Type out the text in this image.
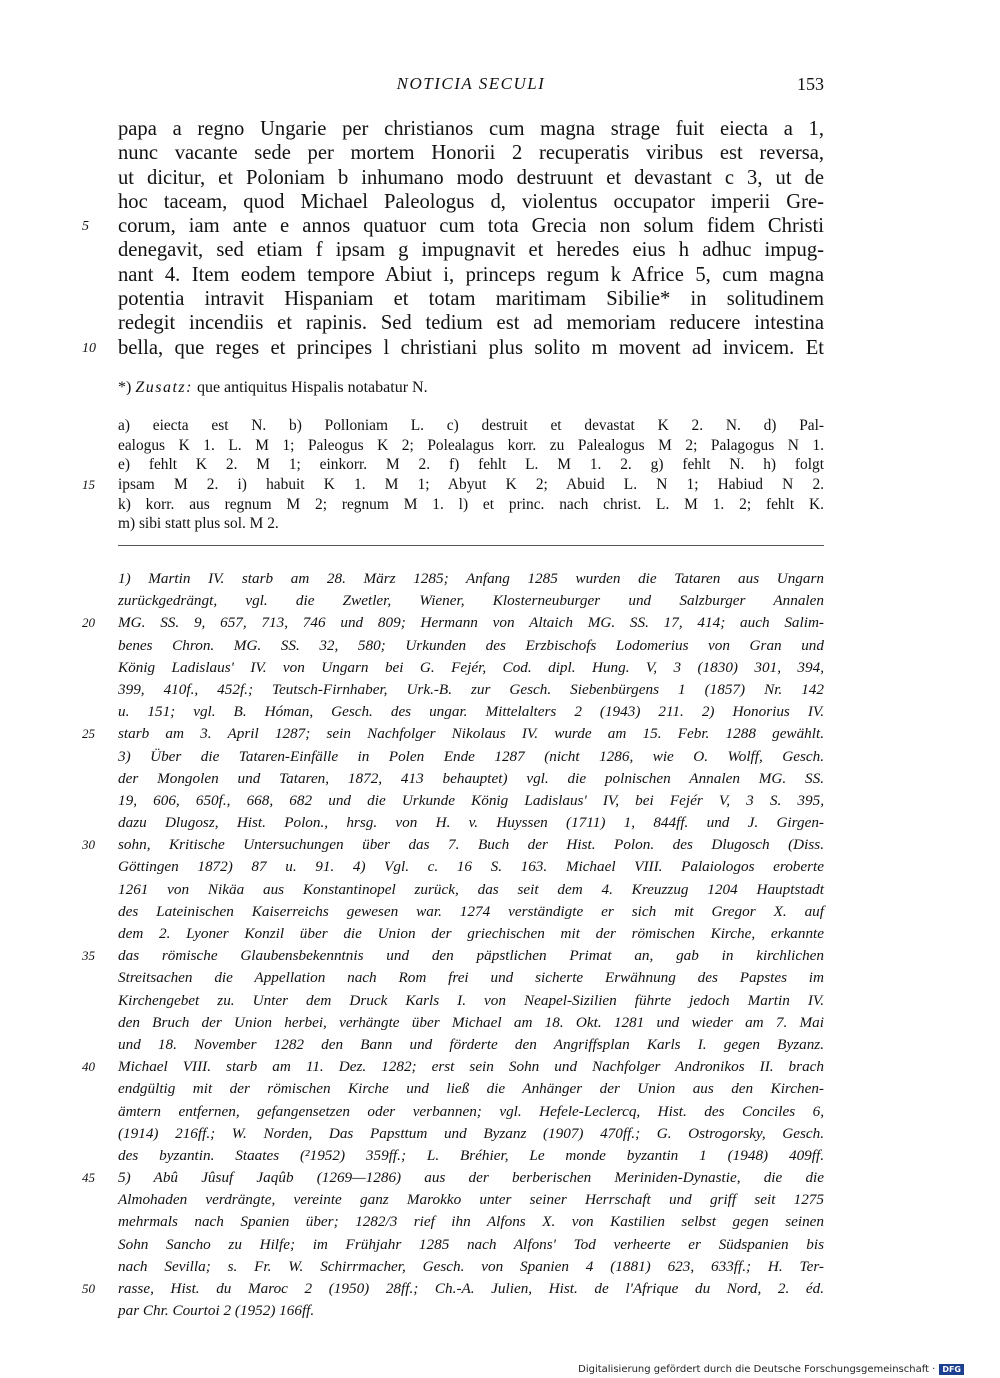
NOTICIA SECULI	153
papa a regno Ungarie per christianos cum magna strage fuit eiecta a 1,
nunc vacante sede per mortem Honorii 2 recuperatis viribus est reversa,
ut dicitur, et Poloniam b inhumano modo destruunt et devastant c 3, ut de
hoc taceam, quod Michael Paleologus d, violentus occupator imperii Gre-
5 corum, iam ante e annos quatuor cum tota Grecia non solum fidem Christi
denegavit, sed etiam f ipsam g impugnavit et heredes eius h adhuc impug-
nant 4. Item eodem tempore Abiut i, princeps regum k Africe 5, cum magna
potentia intravit Hispaniam et totam maritimam Sibilie* in solitudinem
redegit incendiis et rapinis. Sed tedium est ad memoriam reducere intestina
10 bella, que reges et principes l christiani plus solito m movent ad invicem. Et
*) Zusatz: que antiquitus Hispalis notabatur N.
a) eiecta est N. b) Polloniam L. c) destruit et devastat K 2. N. d) Pal-
ealogus K 1. L. M 1; Paleogus K 2; Polealagus korr. zu Palealogus M 2; Palagogus N 1.
e) fehlt K 2. M 1; einkorr. M 2. f) fehlt L. M 1. 2. g) fehlt N. h) folgt
15 ipsam M 2. i) habuit K 1. M 1; Abyut K 2; Abuid L. N 1; Habiud N 2.
k) korr. aus regnum M 2; regnum M 1. l) et princ. nach christ. L. M 1. 2; fehlt K.
m) sibi statt plus sol. M 2.
1) Martin IV. starb am 28. März 1285; Anfang 1285 wurden die Tataren aus Ungarn
zurückgedrängt, vgl. die Zwetler, Wiener, Klosterneuburger und Salzburger Annalen
20 MG. SS. 9, 657, 713, 746 und 809; Hermann von Altaich MG. SS. 17, 414; auch Salim-
benes Chron. MG. SS. 32, 580; Urkunden des Erzbischofs Lodomerius von Gran und
König Ladislaus' IV. von Ungarn bei G. Fejér, Cod. dipl. Hung. V, 3 (1830) 301, 394,
399, 410f., 452f.; Teutsch-Firnhaber, Urk.-B. zur Gesch. Siebenbürgens 1 (1857) Nr. 142
u. 151; vgl. B. Hóman, Gesch. des ungar. Mittelalters 2 (1943) 211. 2) Honorius IV.
25 starb am 3. April 1287; sein Nachfolger Nikolaus IV. wurde am 15. Febr. 1288 gewählt.
3) Über die Tataren-Einfälle in Polen Ende 1287 (nicht 1286, wie O. Wolff, Gesch.
der Mongolen und Tataren, 1872, 413 behauptet) vgl. die polnischen Annalen MG. SS.
19, 606, 650f., 668, 682 und die Urkunde König Ladislaus' IV, bei Fejér V, 3 S. 395,
dazu Dlugosz, Hist. Polon., hrsg. von H. v. Huyssen (1711) 1, 844ff. und J. Girgen-
30 sohn, Kritische Untersuchungen über das 7. Buch der Hist. Polon. des Dlugosch (Diss.
Göttingen 1872) 87 u. 91. 4) Vgl. c. 16 S. 163. Michael VIII. Palaiologos eroberte
1261 von Nikäa aus Konstantinopel zurück, das seit dem 4. Kreuzzug 1204 Hauptstadt
des Lateinischen Kaiserreichs gewesen war. 1274 verständigte er sich mit Gregor X. auf
dem 2. Lyoner Konzil über die Union der griechischen mit der römischen Kirche, erkannte
35 das römische Glaubensbekenntnis und den päpstlichen Primat an, gab in kirchlichen
Streitsachen die Appellation nach Rom frei und sicherte Erwähnung des Papstes im
Kirchengebet zu. Unter dem Druck Karls I. von Neapel-Sizilien führte jedoch Martin IV.
den Bruch der Union herbei, verhängte über Michael am 18. Okt. 1281 und wieder am 7. Mai
und 18. November 1282 den Bann und förderte den Angriffsplan Karls I. gegen Byzanz.
40 Michael VIII. starb am 11. Dez. 1282; erst sein Sohn und Nachfolger Andronikos II. brach
endgültig mit der römischen Kirche und ließ die Anhänger der Union aus den Kirchen-
ämtern entfernen, gefangensetzen oder verbannen; vgl. Hefele-Leclercq, Hist. des Conciles 6,
(1914) 216ff.; W. Norden, Das Papsttum und Byzanz (1907) 470ff.; G. Ostrogorsky, Gesch.
des byzantin. Staates (²1952) 359ff.; L. Bréhier, Le monde byzantin 1 (1948) 409ff.
45 5) Abû Jûsuf Jaqûb (1269—1286) aus der berberischen Meriniden-Dynastie, die die
Almohaden verdrängte, vereinte ganz Marokko unter seiner Herrschaft und griff seit 1275
mehrmals nach Spanien über; 1282/3 rief ihn Alfons X. von Kastilien selbst gegen seinen
Sohn Sancho zu Hilfe; im Frühjahr 1285 nach Alfons' Tod verheerte er Südspanien bis
nach Sevilla; s. Fr. W. Schirrmacher, Gesch. von Spanien 4 (1881) 623, 633ff.; H. Ter-
50 rasse, Hist. du Maroc 2 (1950) 28ff.; Ch.-A. Julien, Hist. de l'Afrique du Nord, 2. éd.
par Chr. Courtoi 2 (1952) 166ff.
Digitalisierung gefördert durch die Deutsche Forschungsgemeinschaft · DFG
